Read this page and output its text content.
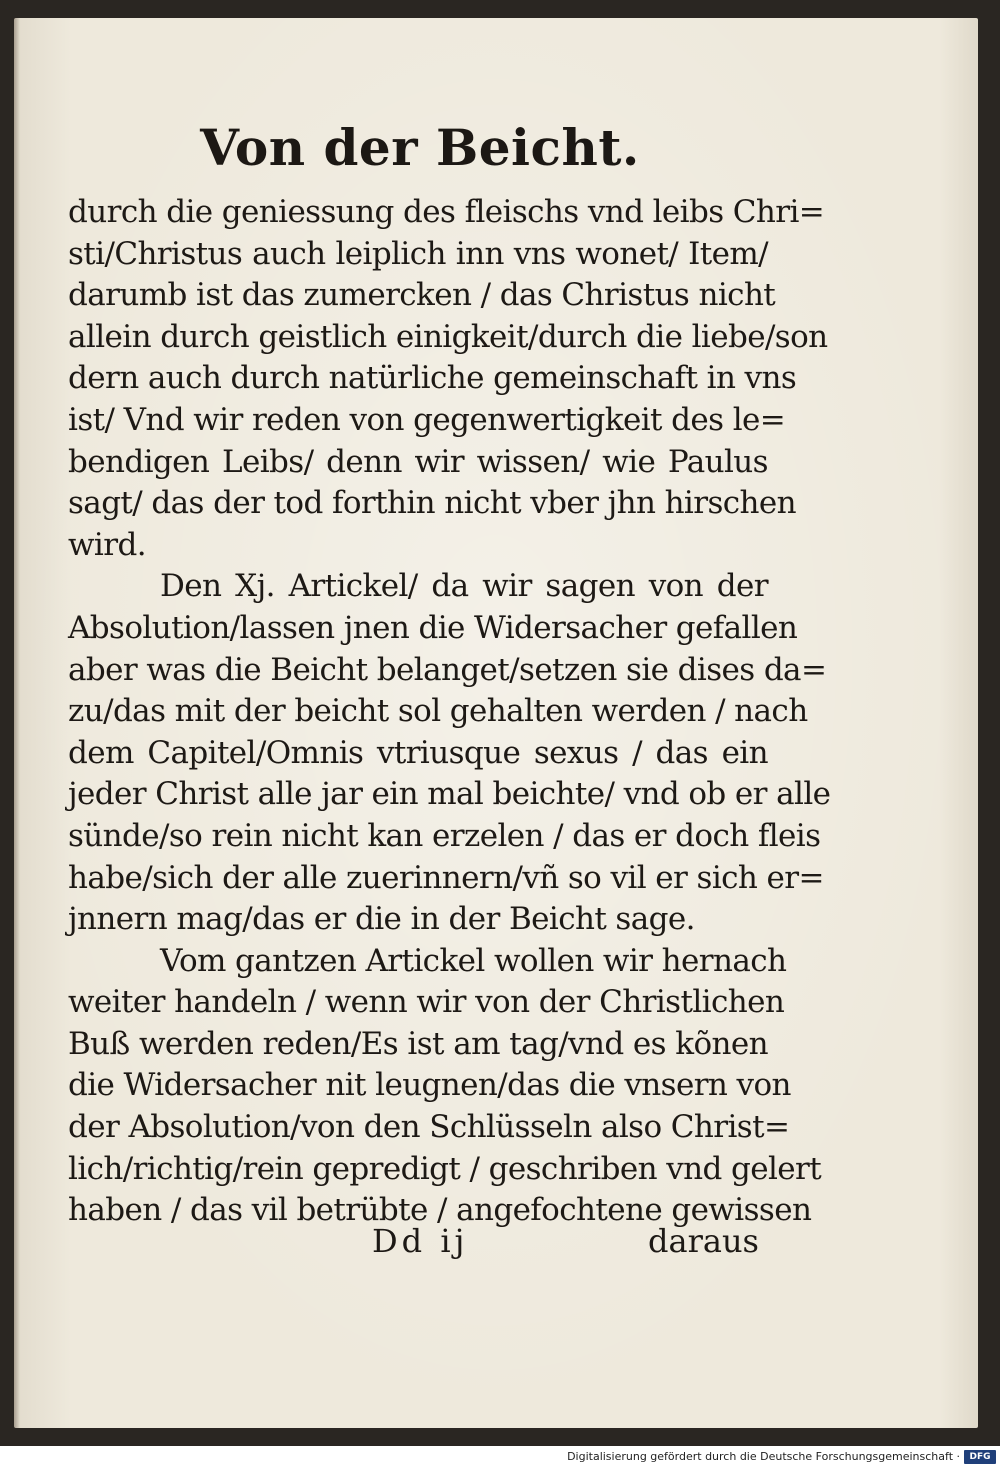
Von der Beicht.
durch die geniessung des fleischs vnd leibs Chri=
sti/Christus auch leiplich inn vns wonet/ Item/
darumb ist das zumercken / das Christus nicht
allein durch geistlich einigkeit/durch die liebe/son
dern auch durch natürliche gemeinschaft in vns
ist/ Vnd wir reden von gegenwertigkeit des le=
bendigen Leibs/ denn wir wissen/ wie Paulus
sagt/ das der tod forthin nicht vber jhn hirschen
wird.
Den Xj. Artickel/ da wir sagen von der
Absolution/lassen jnen die Widersacher gefallen
aber was die Beicht belanget/setzen sie dises da=
zu/das mit der beicht sol gehalten werden / nach
dem Capitel/Omnis vtriusque sexus / das ein
jeder Christ alle jar ein mal beichte/ vnd ob er alle
sünde/so rein nicht kan erzelen / das er doch fleis
habe/sich der alle zuerinnern/vñ so vil er sich er=
jnnern mag/das er die in der Beicht sage.
Vom gantzen Artickel wollen wir hernach
weiter handeln / wenn wir von der Christlichen
Buß werden reden/Es ist am tag/vnd es kõnen
die Widersacher nit leugnen/das die vnsern von
der Absolution/von den Schlüsseln also Christ=
lich/richtig/rein gepredigt / geschriben vnd gelert
haben / das vil betrübte / angefochtene gewissen
Dd ij	daraus
Digitalisierung gefördert durch die Deutsche Forschungsgemeinschaft ·	DFG
